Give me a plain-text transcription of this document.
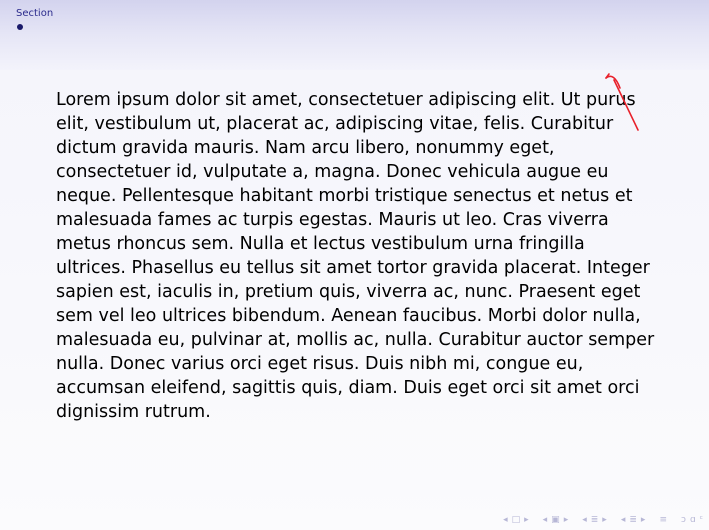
Section

Lorem ipsum dolor sit amet, consectetuer adipiscing elit. Ut purus elit, vestibulum ut, placerat ac, adipiscing vitae, felis. Curabitur dictum gravida mauris. Nam arcu libero, nonummy eget, consectetuer id, vulputate a, magna. Donec vehicula augue eu neque. Pellentesque habitant morbi tristique senectus et netus et malesuada fames ac turpis egestas. Mauris ut leo. Cras viverra metus rhoncus sem. Nulla et lectus vestibulum urna fringilla ultrices. Phasellus eu tellus sit amet tortor gravida placerat. Integer sapien est, iaculis in, pretium quis, viverra ac, nunc. Praesent eget sem vel leo ultrices bibendum. Aenean faucibus. Morbi dolor nulla, malesuada eu, pulvinar at, mollis ac, nulla. Curabitur auctor semper nulla. Donec varius orci eget risus. Duis nibh mi, congue eu, accumsan eleifend, sagittis quis, diam. Duis eget orci sit amet orci dignissim rutrum.

◂ □ ▸ ◂ ▣ ▸ ◂ ≣ ▸ ◂ ≣ ▸ ≡ ↄ ɑ ᶜ
